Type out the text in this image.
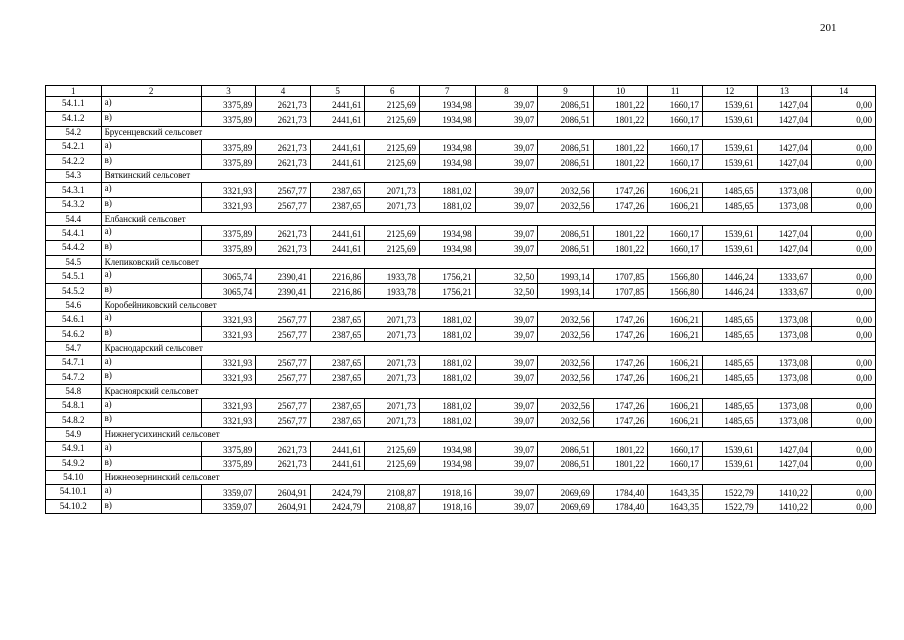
201
1	2	3	4	5	6	7	8	9	10	11	12	13	14
54.1.1	а)	3375,89	2621,73	2441,61	2125,69	1934,98	39,07	2086,51	1801,22	1660,17	1539,61	1427,04	0,00
54.1.2	в)	3375,89	2621,73	2441,61	2125,69	1934,98	39,07	2086,51	1801,22	1660,17	1539,61	1427,04	0,00
54.2	Брусенцевский сельсовет												
54.2.1	а)	3375,89	2621,73	2441,61	2125,69	1934,98	39,07	2086,51	1801,22	1660,17	1539,61	1427,04	0,00
54.2.2	в)	3375,89	2621,73	2441,61	2125,69	1934,98	39,07	2086,51	1801,22	1660,17	1539,61	1427,04	0,00
54.3	Вяткинский сельсовет												
54.3.1	а)	3321,93	2567,77	2387,65	2071,73	1881,02	39,07	2032,56	1747,26	1606,21	1485,65	1373,08	0,00
54.3.2	в)	3321,93	2567,77	2387,65	2071,73	1881,02	39,07	2032,56	1747,26	1606,21	1485,65	1373,08	0,00
54.4	Елбанский сельсовет												
54.4.1	а)	3375,89	2621,73	2441,61	2125,69	1934,98	39,07	2086,51	1801,22	1660,17	1539,61	1427,04	0,00
54.4.2	в)	3375,89	2621,73	2441,61	2125,69	1934,98	39,07	2086,51	1801,22	1660,17	1539,61	1427,04	0,00
54.5	Клепиковский сельсовет												
54.5.1	а)	3065,74	2390,41	2216,86	1933,78	1756,21	32,50	1993,14	1707,85	1566,80	1446,24	1333,67	0,00
54.5.2	в)	3065,74	2390,41	2216,86	1933,78	1756,21	32,50	1993,14	1707,85	1566,80	1446,24	1333,67	0,00
54.6	Коробейниковский сельсовет												
54.6.1	а)	3321,93	2567,77	2387,65	2071,73	1881,02	39,07	2032,56	1747,26	1606,21	1485,65	1373,08	0,00
54.6.2	в)	3321,93	2567,77	2387,65	2071,73	1881,02	39,07	2032,56	1747,26	1606,21	1485,65	1373,08	0,00
54.7	Краснодарский сельсовет												
54.7.1	а)	3321,93	2567,77	2387,65	2071,73	1881,02	39,07	2032,56	1747,26	1606,21	1485,65	1373,08	0,00
54.7.2	в)	3321,93	2567,77	2387,65	2071,73	1881,02	39,07	2032,56	1747,26	1606,21	1485,65	1373,08	0,00
54.8	Красноярский сельсовет												
54.8.1	а)	3321,93	2567,77	2387,65	2071,73	1881,02	39,07	2032,56	1747,26	1606,21	1485,65	1373,08	0,00
54.8.2	в)	3321,93	2567,77	2387,65	2071,73	1881,02	39,07	2032,56	1747,26	1606,21	1485,65	1373,08	0,00
54.9	Нижнегусихинский сельсовет												
54.9.1	а)	3375,89	2621,73	2441,61	2125,69	1934,98	39,07	2086,51	1801,22	1660,17	1539,61	1427,04	0,00
54.9.2	в)	3375,89	2621,73	2441,61	2125,69	1934,98	39,07	2086,51	1801,22	1660,17	1539,61	1427,04	0,00
54.10	Нижнеозернинский сельсовет												
54.10.1	а)	3359,07	2604,91	2424,79	2108,87	1918,16	39,07	2069,69	1784,40	1643,35	1522,79	1410,22	0,00
54.10.2	в)	3359,07	2604,91	2424,79	2108,87	1918,16	39,07	2069,69	1784,40	1643,35	1522,79	1410,22	0,00
